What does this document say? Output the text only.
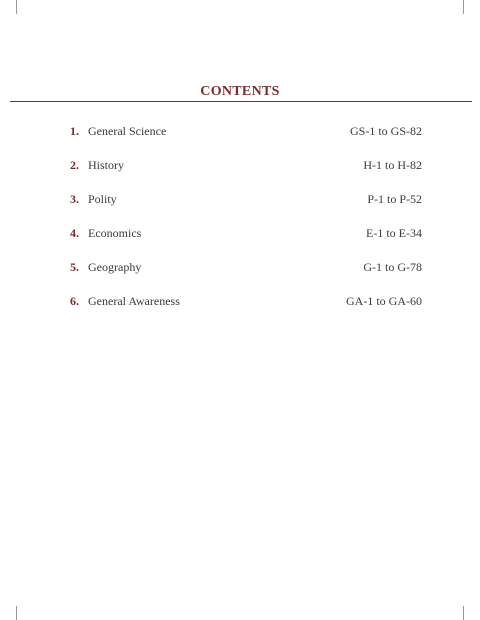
CONTENTS
1. General Science	GS-1 to GS-82
2. History	H-1 to H-82
3. Polity	P-1 to P-52
4. Economics	E-1 to E-34
5. Geography	G-1 to G-78
6. General Awareness	GA-1 to GA-60
